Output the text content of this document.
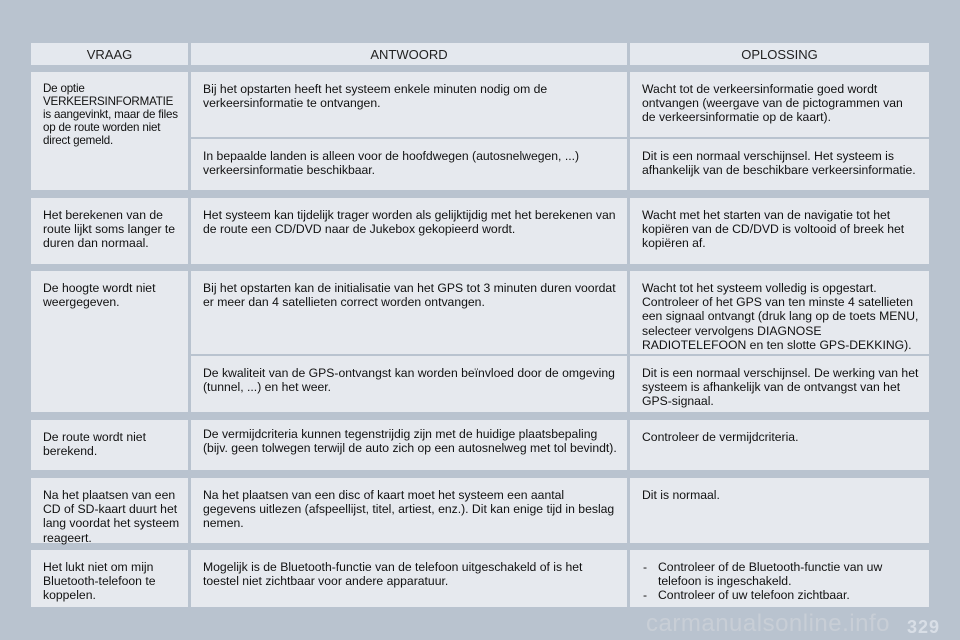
VRAAG	ANTWOORD	OPLOSSING
De optie VERKEERSINFORMATIE is aangevinkt, maar de files op de route worden niet direct gemeld.
Bij het opstarten heeft het systeem enkele minuten nodig om de verkeersinformatie te ontvangen.
Wacht tot de verkeersinformatie goed wordt ontvangen (weergave van de pictogrammen van de verkeersinformatie op de kaart).
In bepaalde landen is alleen voor de hoofdwegen (autosnelwegen, ...) verkeersinformatie beschikbaar.
Dit is een normaal verschijnsel. Het systeem is afhankelijk van de beschikbare verkeersinformatie.
Het berekenen van de route lijkt soms langer te duren dan normaal.
Het systeem kan tijdelijk trager worden als gelijktijdig met het berekenen van de route een CD/DVD naar de Jukebox gekopieerd wordt.
Wacht met het starten van de navigatie tot het kopiëren van de CD/DVD is voltooid of breek het kopiëren af.
De hoogte wordt niet weergegeven.
Bij het opstarten kan de initialisatie van het GPS tot 3 minuten duren voordat er meer dan 4 satellieten correct worden ontvangen.
Wacht tot het systeem volledig is opgestart. Controleer of het GPS van ten minste 4 satellieten een signaal ontvangt (druk lang op de toets MENU, selecteer vervolgens DIAGNOSE RADIOTELEFOON en ten slotte GPS-DEKKING).
De kwaliteit van de GPS-ontvangst kan worden beïnvloed door de omgeving (tunnel, ...) en het weer.
Dit is een normaal verschijnsel. De werking van het systeem is afhankelijk van de ontvangst van het GPS-signaal.
De route wordt niet berekend.
De vermijdcriteria kunnen tegenstrijdig zijn met de huidige plaatsbepaling (bijv. geen tolwegen terwijl de auto zich op een autosnelweg met tol bevindt).
Controleer de vermijdcriteria.
Na het plaatsen van een CD of SD-kaart duurt het lang voordat het systeem reageert.
Na het plaatsen van een disc of kaart moet het systeem een aantal gegevens uitlezen (afspeellijst, titel, artiest, enz.). Dit kan enige tijd in beslag nemen.
Dit is normaal.
Het lukt niet om mijn Bluetooth-telefoon te koppelen.
Mogelijk is de Bluetooth-functie van de telefoon uitgeschakeld of is het toestel niet zichtbaar voor andere apparatuur.
- Controleer of de Bluetooth-functie van uw telefoon is ingeschakeld.
- Controleer of uw telefoon zichtbaar.
carmanualsonline.info 329
